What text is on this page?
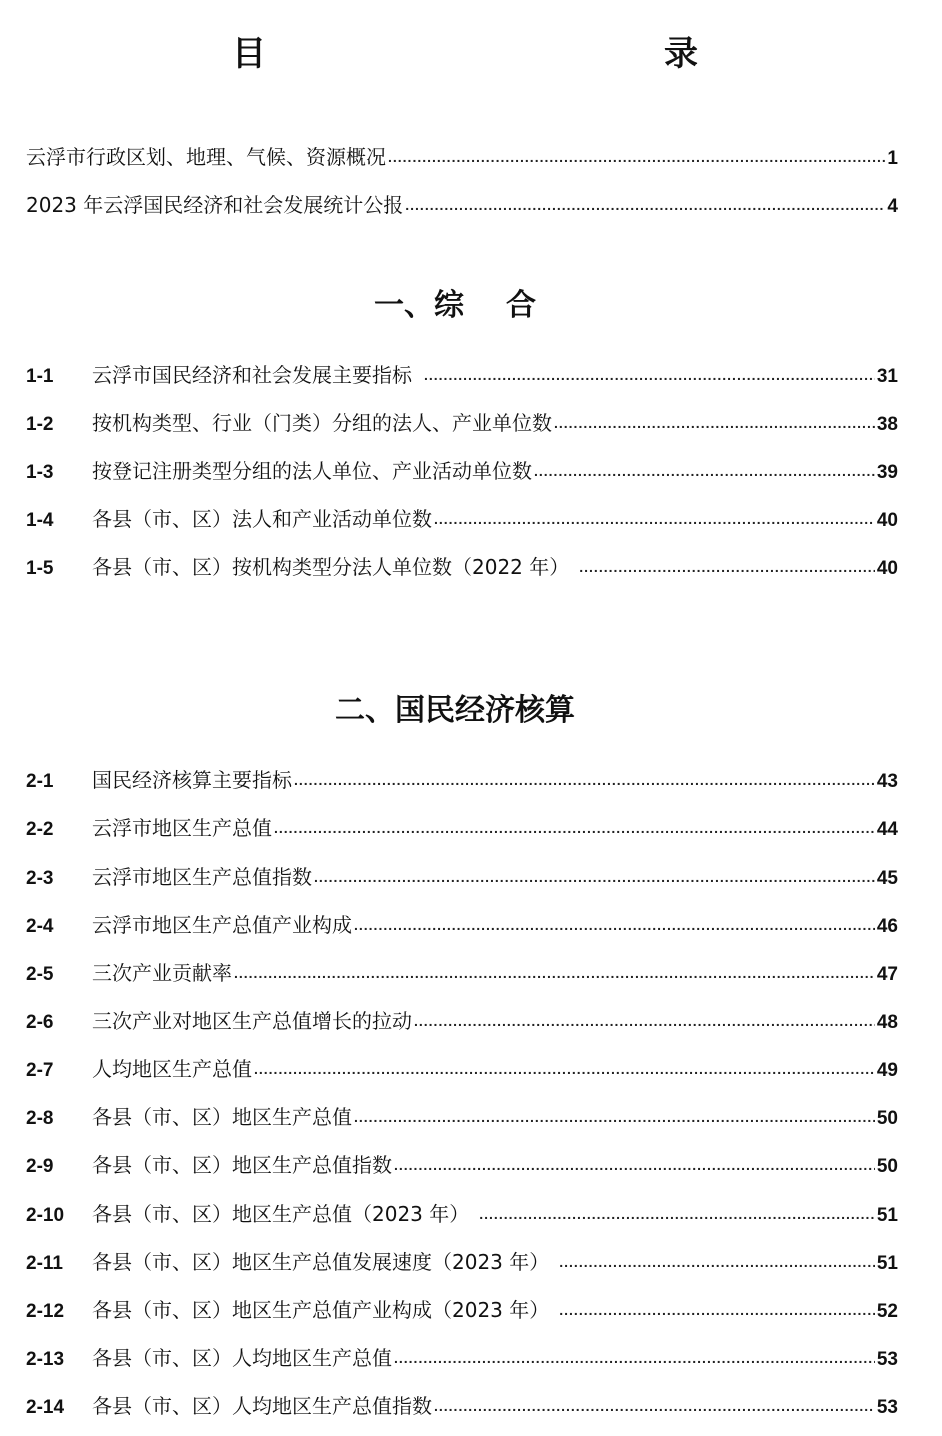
目　　录
云浮市行政区划、地理、气候、资源概况 .....	1
2023 年云浮国民经济和社会发展统计公报 .....	4
一、综 合
1-1	云浮市国民经济和社会发展主要指标 .....	31
1-2	按机构类型、行业（门类）分组的法人、产业单位数 .....	38
1-3	按登记注册类型分组的法人单位、产业活动单位数 .....	39
1-4	各县（市、区）法人和产业活动单位数 .....	40
1-5	各县（市、区）按机构类型分法人单位数（2022 年） .....	40
二、国民经济核算
2-1	国民经济核算主要指标 .....	43
2-2	云浮市地区生产总值 .....	44
2-3	云浮市地区生产总值指数 .....	45
2-4	云浮市地区生产总值产业构成 .....	46
2-5	三次产业贡献率 .....	47
2-6	三次产业对地区生产总值增长的拉动 .....	48
2-7	人均地区生产总值 .....	49
2-8	各县（市、区）地区生产总值 .....	50
2-9	各县（市、区）地区生产总值指数 .....	50
2-10	各县（市、区）地区生产总值（2023 年） .....	51
2-11	各县（市、区）地区生产总值发展速度（2023 年） .....	51
2-12	各县（市、区）地区生产总值产业构成（2023 年） .....	52
2-13	各县（市、区）人均地区生产总值 .....	53
2-14	各县（市、区）人均地区生产总值指数 .....	53
